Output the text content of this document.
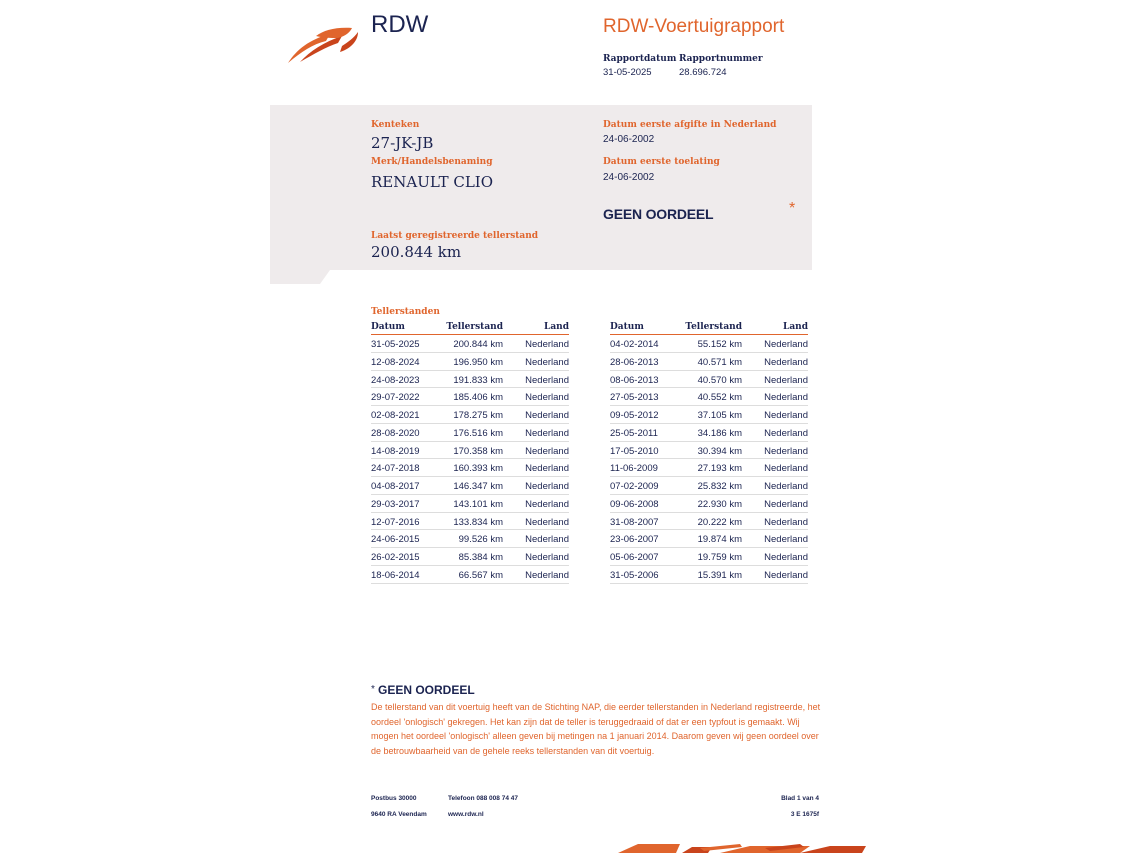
RDW	RDW-Voertuigrapport
Rapportdatum
31-05-2025
Rapportnummer
28.696.724
Kenteken
27-JK-JB
Merk/Handelsbenaming
RENAULT CLIO
Laatst geregistreerde tellerstand
200.844 km
Datum eerste afgifte in Nederland
24-06-2002
Datum eerste toelating
24-06-2002
GEEN OORDEEL	*
Tellerstanden
Datum	Tellerstand	Land
31-05-2025	200.844 km Nederland
12-08-2024	196.950 km Nederland
24-08-2023	191.833 km Nederland
29-07-2022	185.406 km Nederland
02-08-2021	178.275 km Nederland
28-08-2020	176.516 km Nederland
14-08-2019	170.358 km Nederland
24-07-2018	160.393 km Nederland
04-08-2017	146.347 km Nederland
29-03-2017	143.101 km Nederland
12-07-2016	133.834 km Nederland
24-06-2015	99.526 km Nederland
26-02-2015	85.384 km Nederland
18-06-2014	66.567 km Nederland
Datum	Tellerstand	Land
04-02-2014	55.152 km Nederland
28-06-2013	40.571 km Nederland
08-06-2013	40.570 km Nederland
27-05-2013	40.552 km Nederland
09-05-2012	37.105 km Nederland
25-05-2011	34.186 km Nederland
17-05-2010	30.394 km Nederland
11-06-2009	27.193 km Nederland
07-02-2009	25.832 km Nederland
09-06-2008	22.930 km Nederland
31-08-2007	20.222 km Nederland
23-06-2007	19.874 km Nederland
05-06-2007	19.759 km Nederland
31-05-2006	15.391 km Nederland
* GEEN OORDEEL
De tellerstand van dit voertuig heeft van de Stichting NAP, die eerder tellerstanden in Nederland registreerde, het oordeel 'onlogisch' gekregen. Het kan zijn dat de teller is teruggedraaid of dat er een typfout is gemaakt. Wij mogen het oordeel 'onlogisch' alleen geven bij metingen na 1 januari 2014. Daarom geven wij geen oordeel over de betrouwbaarheid van de gehele reeks tellerstanden van dit voertuig.
Postbus 30000
9640 RA Veendam
Telefoon 088 008 74 47
www.rdw.nl
Blad 1 van 4
3 E 1675f
